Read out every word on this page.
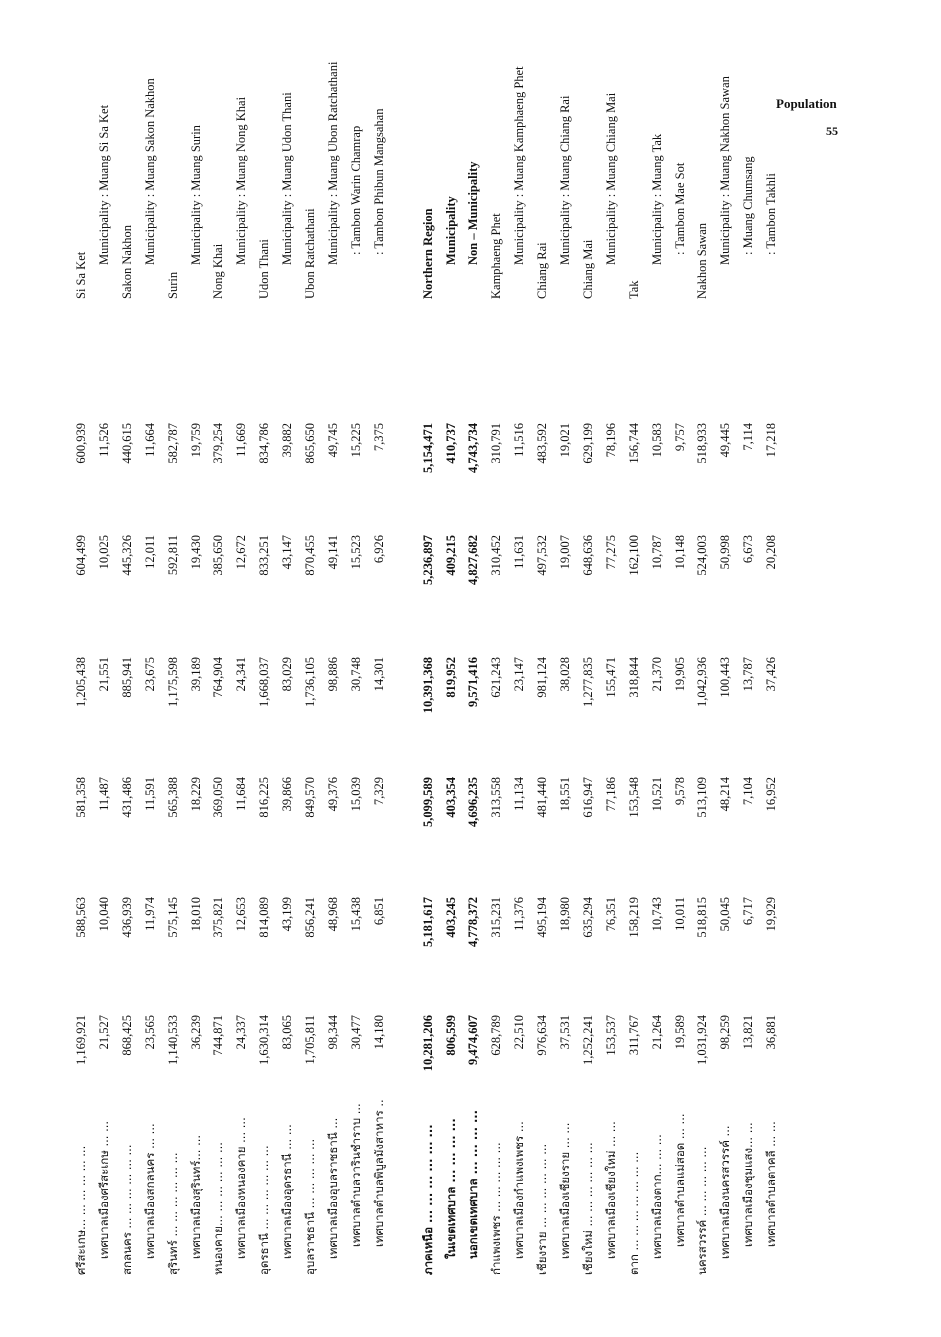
Population
55
ศรีสะเกษ... ... ... ... ... ...
1,169,921
588,563
581,358
1,205,438
604,499
600,939
Si Sa Ket
เทศบาลเมืองศรีสะเกษ ... ...
21,527
10,040
11,487
21,551
10,025
11,526
Municipality : Muang Si Sa Ket
สกลนคร ... ... ... ... ... ...
868,425
436,939
431,486
885,941
445,326
440,615
Sakon Nakhon
เทศบาลเมืองสกลนคร ... ...
23,565
11,974
11,591
23,675
12,011
11,664
Municipality : Muang Sakon Nakhon
สุรินทร์ ... ... ... ... ... ...
1,140,533
575,145
565,388
1,175,598
592,811
582,787
Surin
เทศบาลเมืองสุรินทร์... ...
36,239
18,010
18,229
39,189
19,430
19,759
Municipality : Muang Surin
หนองคาย... ... ... ... ... ...
744,871
375,821
369,050
764,904
385,650
379,254
Nong Khai
เทศบาลเมืองหนองคาย ... ...
24,337
12,653
11,684
24,341
12,672
11,669
Municipality : Muang Nong Khai
อุดรธานี ... ... ... ... ... ...
1,630,314
814,089
816,225
1,668,037
833,251
834,786
Udon Thani
เทศบาลเมืองอุดรธานี ... ...
83,065
43,199
39,866
83,029
43,147
39,882
Municipality : Muang Udon Thani
อุบลราชธานี ... ... ... ... ...
1,705,811
856,241
849,570
1,736,105
870,455
865,650
Ubon Ratchathani
เทศบาลเมืองอุบลราชธานี ...
98,344
48,968
49,376
98,886
49,141
49,745
Municipality : Muang Ubon Ratchathani
เทศบาลตำบลวารินชำราบ ...
30,477
15,438
15,039
30,748
15,523
15,225
: Tambon Warin Chamrap
เทศบาลตำบลพิบูลมังสาหาร ..
14,180
6,851
7,329
14,301
6,926
7,375
: Tambon Phibun Mangsahan
ภาคเหนือ ... ... ... ... ... ...
10,281,206
5,181,617
5,099,589
10,391,368
5,236,897
5,154,471
Northern Region
ในเขตเทศบาล ... ... ... ...
806,599
403,245
403,354
819,952
409,215
410,737
Municipality
นอกเขตเทศบาล ... ... ... ...
9,474,607
4,778,372
4,696,235
9,571,416
4,827,682
4,743,734
Non – Municipality
กำแพงเพชร ... ... ... ... ...
628,789
315,231
313,558
621,243
310,452
310,791
Kamphaeng Phet
เทศบาลเมืองกำแพงเพชร ...
22,510
11,376
11,134
23,147
11,631
11,516
Municipality : Muang Kamphaeng Phet
เชียงราย ... ... ... ... ... ...
976,634
495,194
481,440
981,124
497,532
483,592
Chiang Rai
เทศบาลเมืองเชียงราย ... ...
37,531
18,980
18,551
38,028
19,007
19,021
Municipality : Muang Chiang Rai
เชียงใหม่ ... ... ... ... ... ...
1,252,241
635,294
616,947
1,277,835
648,636
629,199
Chiang Mai
เทศบาลเมืองเชียงใหม่ ... ...
153,537
76,351
77,186
155,471
77,275
78,196
Municipality : Muang Chiang Mai
ตาก ... ... ... ... ... ... ...
311,767
158,219
153,548
318,844
162,100
156,744
Tak
เทศบาลเมืองตาก... ... ...
21,264
10,743
10,521
21,370
10,787
10,583
Municipality : Muang Tak
เทศบาลตำบลแม่สอด ... ...
19,589
10,011
9,578
19,905
10,148
9,757
: Tambon Mae Sot
นครสวรรค์ ... ... ... ... ...
1,031,924
518,815
513,109
1,042,936
524,003
518,933
Nakhon Sawan
เทศบาลเมืองนครสวรรค์ ...
98,259
50,045
48,214
100,443
50,998
49,445
Municipality : Muang Nakhon Sawan
เทศบาลเมืองชุมแสง... ...
13,821
6,717
7,104
13,787
6,673
7,114
: Muang Chumsang
เทศบาลตำบลตาคลี ... ...
36,881
19,929
16,952
37,426
20,208
17,218
: Tambon Takhli
